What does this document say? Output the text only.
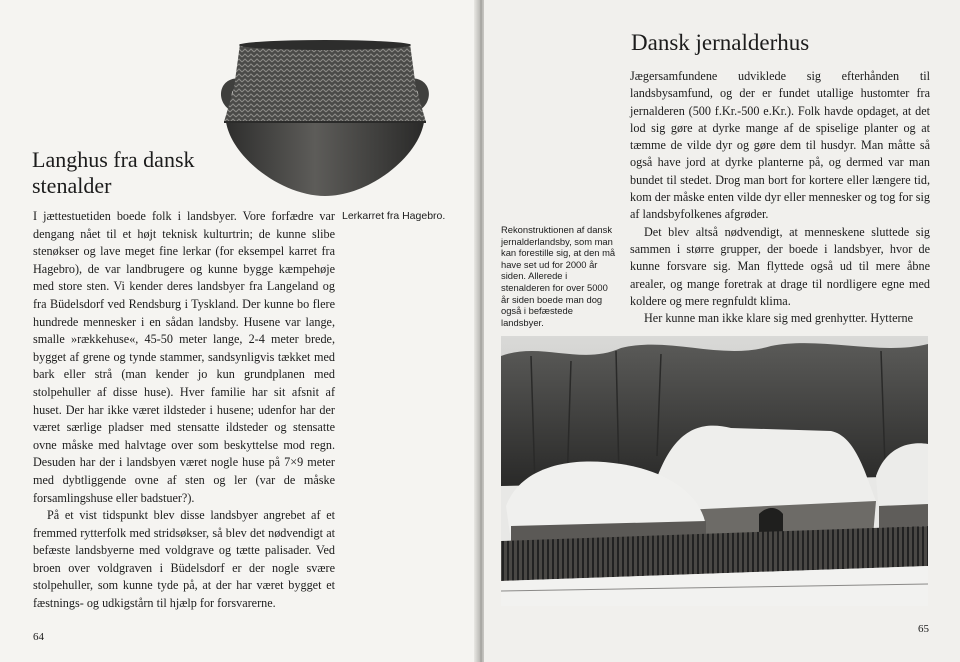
Langhus fra dansk stenalder
Lerkarret fra Hagebro.

I jættestuetiden boede folk i landsbyer. Vore forfædre var dengang nået til et højt teknisk kulturtrin; de kunne slibe stenøkser og lave meget fine lerkar (for eksempel karret fra Hagebro), de var landbrugere og kunne bygge kæmpehøje med store sten. Vi kender deres landsbyer fra Langeland og fra Büdelsdorf ved Rendsburg i Tyskland. Der kunne bo flere hundrede mennesker i en sådan landsby. Husene var lange, smalle »rækkehuse«, 45-50 meter lange, 2-4 meter brede, bygget af grene og tynde stammer, sandsynligvis tækket med bark eller strå (man kender jo kun grundplanen med stolpehuller af disse huse). Hver familie har sit afsnit af huset. Der har ikke været ildsteder i husene; udenfor har der været særlige pladser med stensatte ildsteder og stensatte ovne måske med halvtage over som beskyttelse mod regn. Desuden har der i landsbyen været nogle huse på 7×9 meter med dybtliggende ovne af sten og ler (var de måske forsamlingshuse eller badstuer?).

På et vist tidspunkt blev disse landsbyer angrebet af et fremmed rytterfolk med stridsøkser, så blev det nødvendigt at befæste landsbyerne med voldgrave og tætte palisader. Ved broen over voldgraven i Büdelsdorf er der nogle svære stolpehuller, som kunne tyde på, at der har været bygget et fæstnings- og udkigstårn til hjælp for forsvarerne.

64
Dansk jernalderhus

Rekonstruktionen af dansk jernalderlandsby, som man kan forestille sig, at den må have set ud for 2000 år siden. Allerede i stenalderen for over 5000 år siden boede man dog også i befæstede landsbyer.

Jægersamfundene udviklede sig efterhånden til landsbysamfund, og der er fundet utallige hustomter fra jernalderen (500 f.Kr.-500 e.Kr.). Folk havde opdaget, at det lod sig gøre at dyrke mange af de spiselige planter og at tæmme de vilde dyr og gøre dem til husdyr. Man måtte så også have jord at dyrke planterne på, og dermed var man bundet til stedet. Drog man bort for kortere eller længere tid, kom der måske enten vilde dyr eller mennesker og tog for sig af landsbyfolkenes afgrøder.

Det blev altså nødvendigt, at menneskene sluttede sig sammen i større grupper, der boede i landsbyer, hvor de kunne forsvare sig. Man flyttede også ud til mere åbne arealer, og mange foretrak at drage til nordligere egne med koldere og mere regnfuldt klima.

Her kunne man ikke klare sig med grenhytter. Hytterne

65
